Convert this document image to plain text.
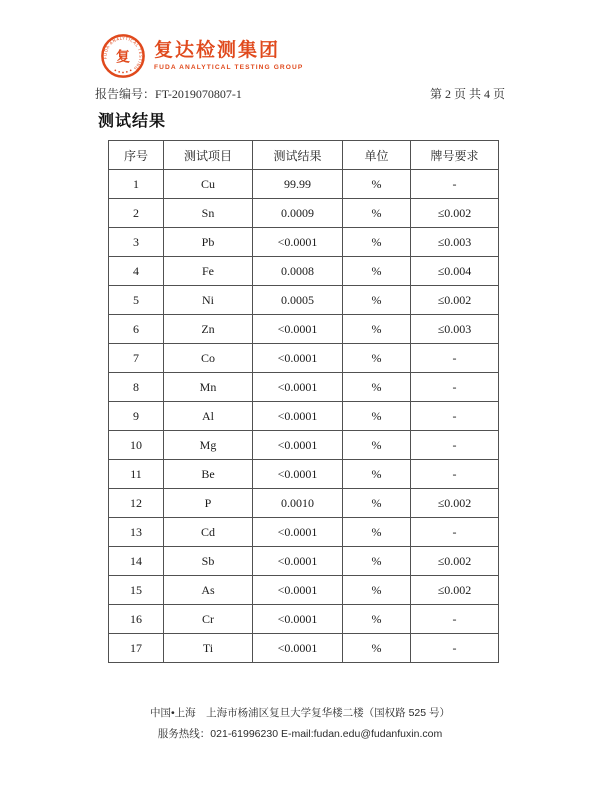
FUDA ANALYTICAL TESTING
复 复达检测集团
FUDA ANALYTICAL TESTING GROUP
报告编号：FT-2019070807-1	第 2 页 共 4 页
测试结果
序号	测试项目	测试结果	单位	牌号要求
1	Cu	99.99	%	-
2	Sn	0.0009	%	≤0.002
3	Pb	<0.0001	%	≤0.003
4	Fe	0.0008	%	≤0.004
5	Ni	0.0005	%	≤0.002
6	Zn	<0.0001	%	≤0.003
7	Co	<0.0001	%	-
8	Mn	<0.0001	%	-
9	Al	<0.0001	%	-
10	Mg	<0.0001	%	-
11	Be	<0.0001	%	-
12	P	0.0010	%	≤0.002
13	Cd	<0.0001	%	-
14	Sb	<0.0001	%	≤0.002
15	As	<0.0001	%	≤0.002
16	Cr	<0.0001	%	-
17	Ti	<0.0001	%	-
中国•上海　上海市杨浦区复旦大学复华楼二楼（国权路 525 号）
服务热线：021-61996230 E-mail:fudan.edu@fudanfuxin.com
